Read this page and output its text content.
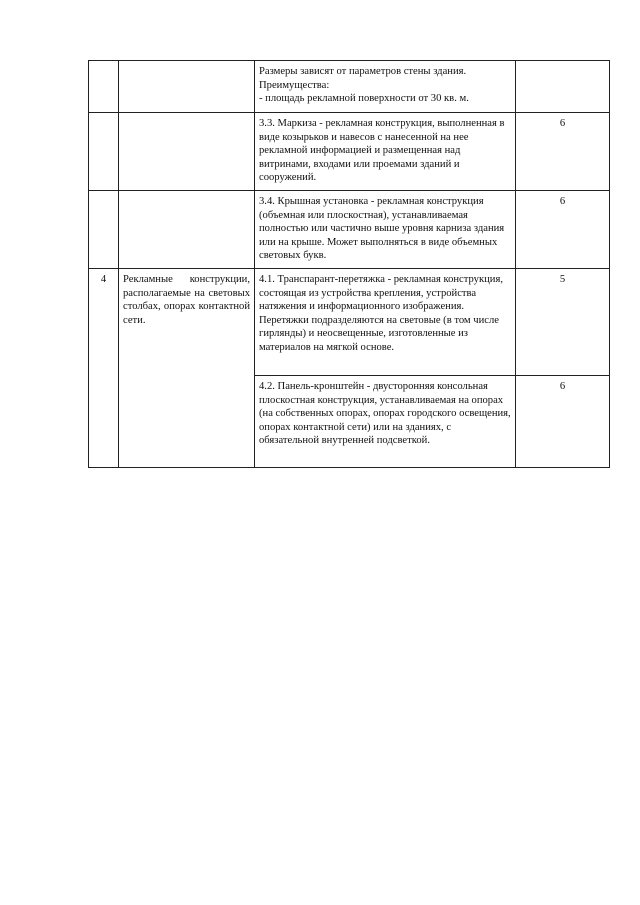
		Размеры зависят от параметров стены здания.
Преимущества:
- площадь рекламной поверхности от 30 кв. м.	

		3.3. Маркиза - рекламная конструкция, выполненная в виде козырьков и навесов с нанесенной на нее рекламной информацией и размещенная над витринами, входами или проемами зданий и сооружений.	6
		3.4. Крышная установка - рекламная конструкция (объемная или плоскостная), устанавливаемая полностью или частично выше уровня карниза здания или на крыше. Может выполняться в виде объемных световых букв.	6
4	Рекламные конструкции, располагаемые на световых столбах, опорах контактной сети.	4.1. Транспарант-перетяжка - рекламная конструкция, состоящая из устройства крепления, устройства натяжения и информационного изображения. Перетяжки подразделяются на световые (в том числе гирлянды) и неосвещенные, изготовленные из материалов на мягкой основе.	5
		4.2. Панель-кронштейн - двусторонняя консольная плоскостная конструкция, устанавливаемая на опорах (на собственных опорах, опорах городского освещения, опорах контактной сети) или на зданиях, с обязательной внутренней подсветкой.	6
